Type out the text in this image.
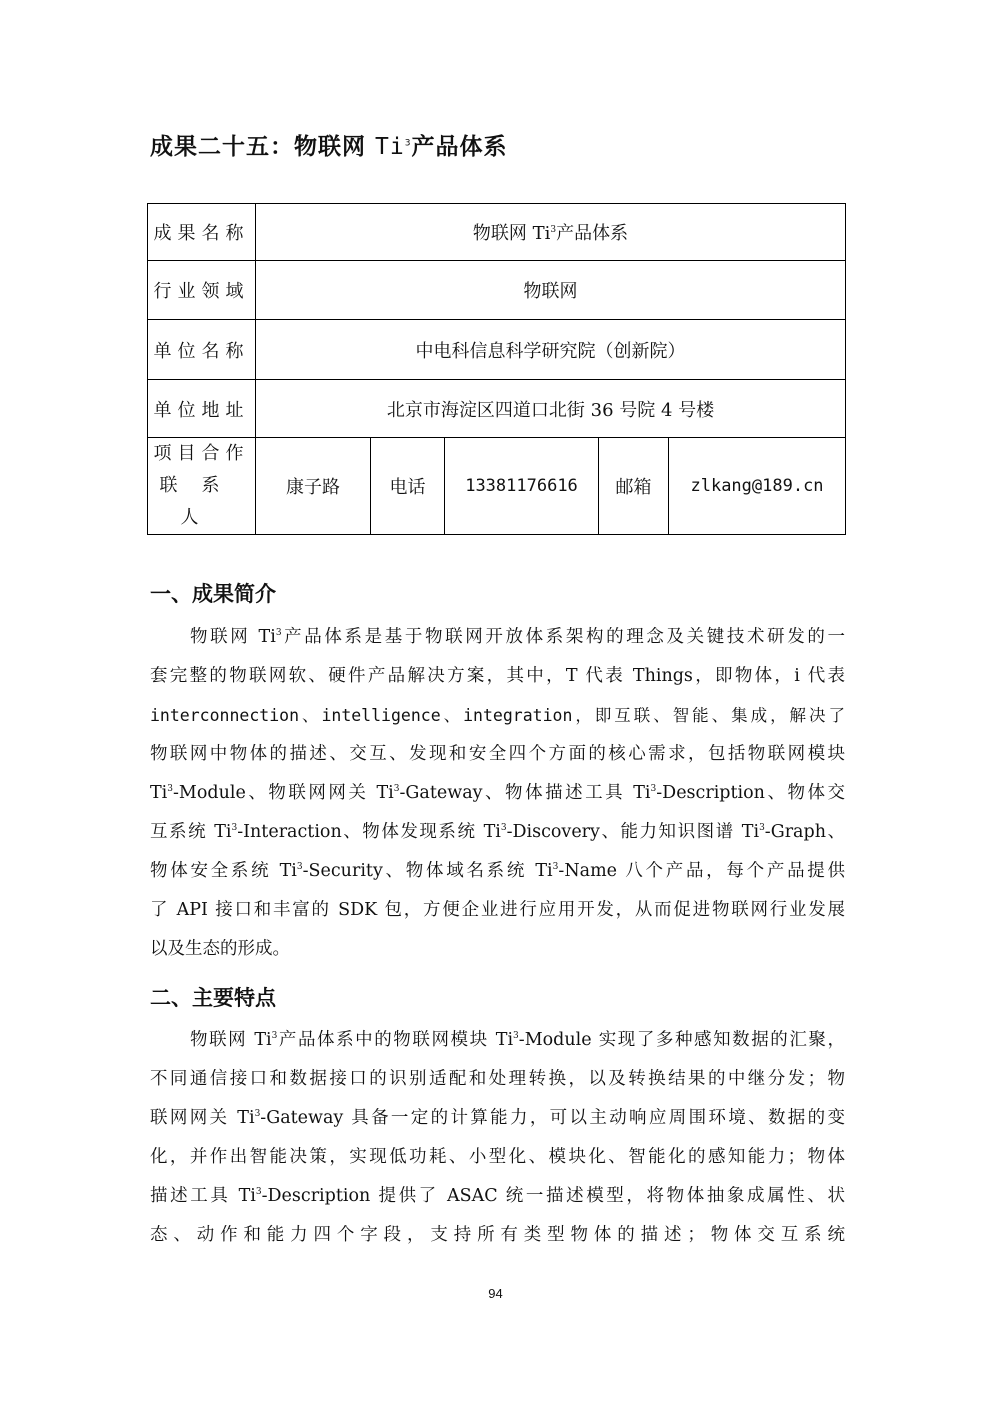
成果二十五：物联网 Ti$^3$产品体系
成果名称	物联网 Ti$^3$产品体系				
行业领域	物联网				
单位名称	中电科信息科学研究院（创新院）				
单位地址	北京市海淀区四道口北街 36 号院 4 号楼				

项目合作
联系人	康子路	电话	13381176616	邮箱	zlkang@189.cn
一、成果简介
物联网 Ti$^3$产品体系是基于物联网开放体系架构的理念及关键技术研发的一
套完整的物联网软、硬件产品解决方案，其中，T 代表 Things，即物体，i 代表
interconnection、intelligence、integration，即互联、智能、集成，解决了
物联网中物体的描述、交互、发现和安全四个方面的核心需求，包括物联网模块
Ti$^3$-Module、物联网网关 Ti$^3$-Gateway、物体描述工具 Ti$^3$-Description、物体交
互系统 Ti$^3$-Interaction、物体发现系统 Ti$^3$-Discovery、能力知识图谱 Ti$^3$-Graph、
物体安全系统 Ti$^3$-Security、物体域名系统 Ti$^3$-Name 八个产品，每个产品提供
了 API 接口和丰富的 SDK 包，方便企业进行应用开发，从而促进物联网行业发展
以及生态的形成。
二、主要特点
物联网 Ti$^3$产品体系中的物联网模块 Ti$^3$-Module 实现了多种感知数据的汇聚，
不同通信接口和数据接口的识别适配和处理转换，以及转换结果的中继分发；物
联网网关 Ti$^3$-Gateway 具备一定的计算能力，可以主动响应周围环境、数据的变
化，并作出智能决策，实现低功耗、小型化、模块化、智能化的感知能力；物体
描述工具 Ti$^3$-Description 提供了 ASAC 统一描述模型，将物体抽象成属性、状
态、动作和能力四个字段，支持所有类型物体的描述；物体交互系统
94
